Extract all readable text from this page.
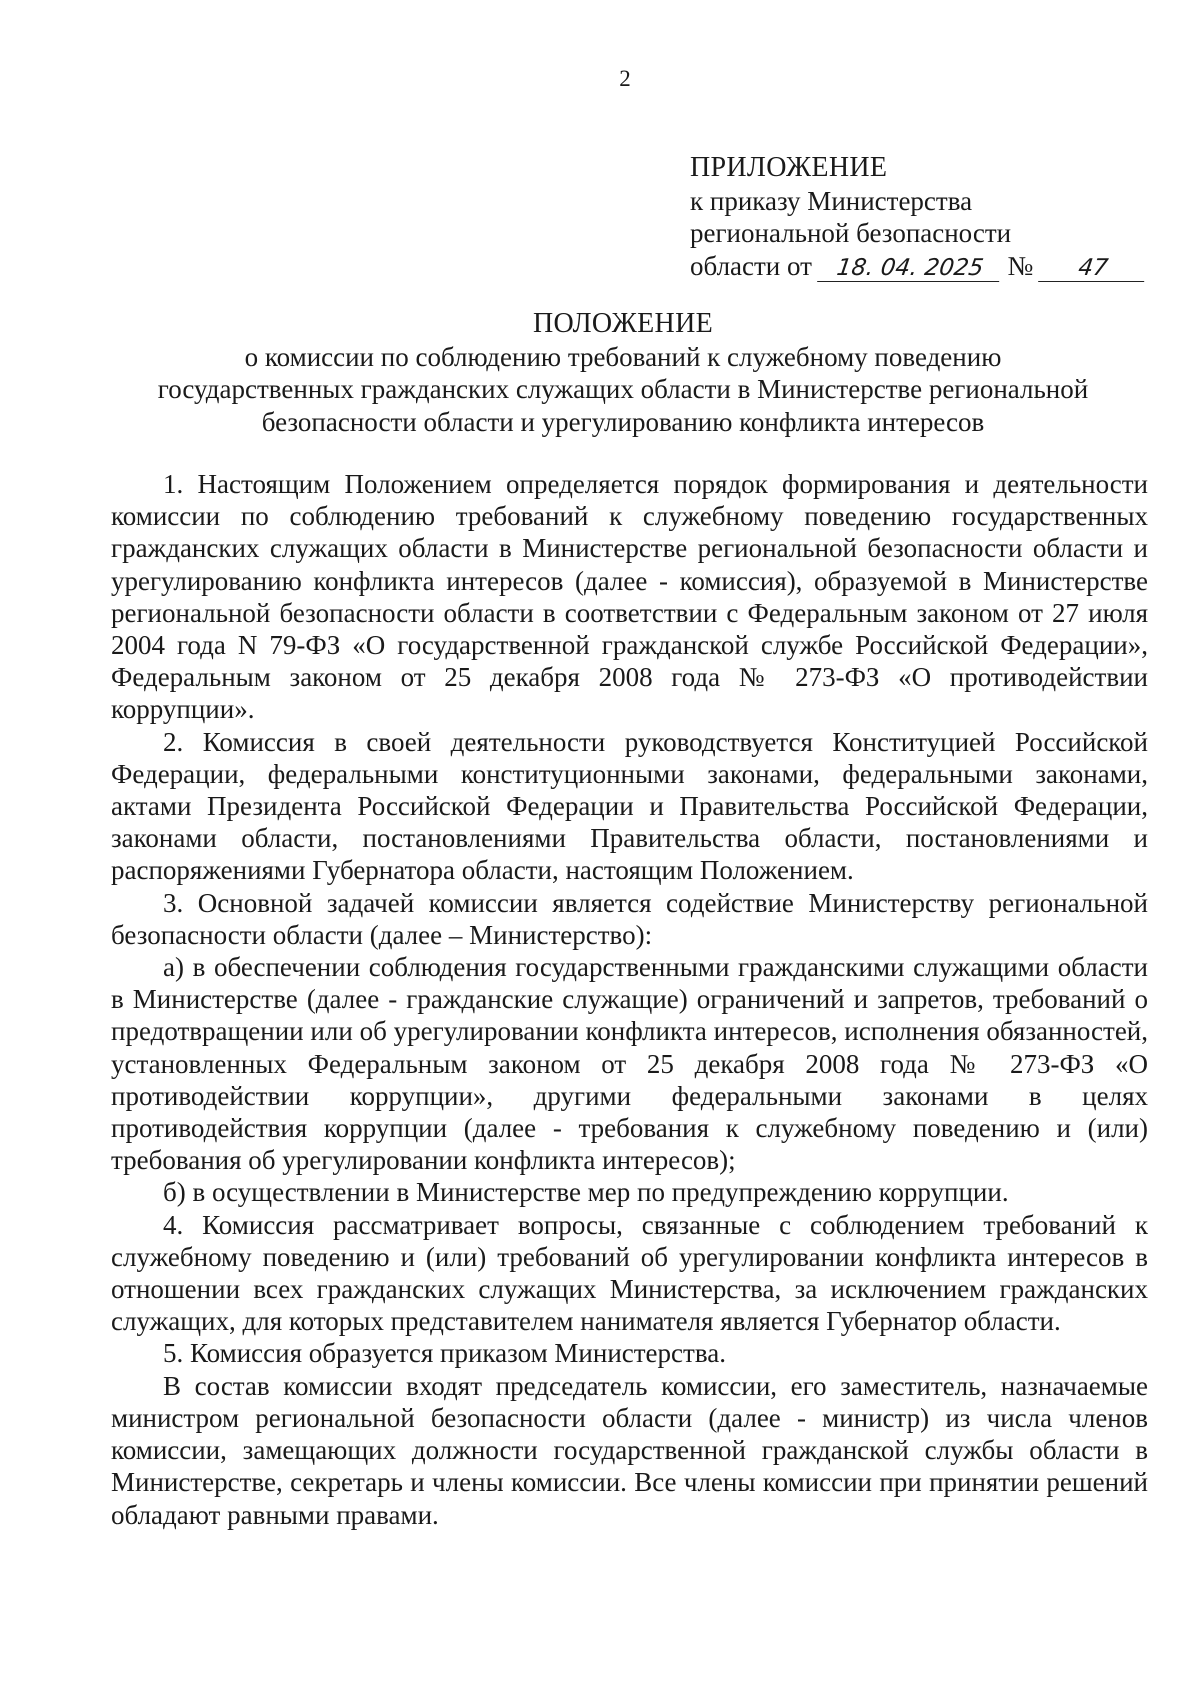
2
ПРИЛОЖЕНИЕ
к приказу Министерства
региональной безопасности
области от 18. 04. 2025 № 47
ПОЛОЖЕНИЕ
о комиссии по соблюдению требований к служебному поведению
государственных гражданских служащих области в Министерстве региональной
безопасности области и урегулированию конфликта интересов

1. Настоящим Положением определяется порядок формирования и деятельности комиссии по соблюдению требований к служебному поведению государственных гражданских служащих области в Министерстве региональной безопасности области и урегулированию конфликта интересов (далее - комиссия), образуемой в Министерстве региональной безопасности области в соответствии с Федеральным законом от 27 июля 2004 года N 79-ФЗ «О государственной гражданской службе Российской Федерации», Федеральным законом от 25 декабря 2008 года № 273-ФЗ «О противодействии коррупции».

2. Комиссия в своей деятельности руководствуется Конституцией Российской Федерации, федеральными конституционными законами, федеральными законами, актами Президента Российской Федерации и Правительства Российской Федерации, законами области, постановлениями Правительства области, постановлениями и распоряжениями Губернатора области, настоящим Положением.

3. Основной задачей комиссии является содействие Министерству региональной безопасности области (далее – Министерство):

а) в обеспечении соблюдения государственными гражданскими служащими области в Министерстве (далее - гражданские служащие) ограничений и запретов, требований о предотвращении или об урегулировании конфликта интересов, исполнения обязанностей, установленных Федеральным законом от 25 декабря 2008 года № 273-ФЗ «О противодействии коррупции», другими федеральными законами в целях противодействия коррупции (далее - требования к служебному поведению и (или) требования об урегулировании конфликта интересов);

б) в осуществлении в Министерстве мер по предупреждению коррупции.

4. Комиссия рассматривает вопросы, связанные с соблюдением требований к служебному поведению и (или) требований об урегулировании конфликта интересов в отношении всех гражданских служащих Министерства, за исключением гражданских служащих, для которых представителем нанимателя является Губернатор области.

5. Комиссия образуется приказом Министерства.

В состав комиссии входят председатель комиссии, его заместитель, назначаемые министром региональной безопасности области (далее - министр) из числа членов комиссии, замещающих должности государственной гражданской службы области в Министерстве, секретарь и члены комиссии. Все члены комиссии при принятии решений обладают равными правами.
